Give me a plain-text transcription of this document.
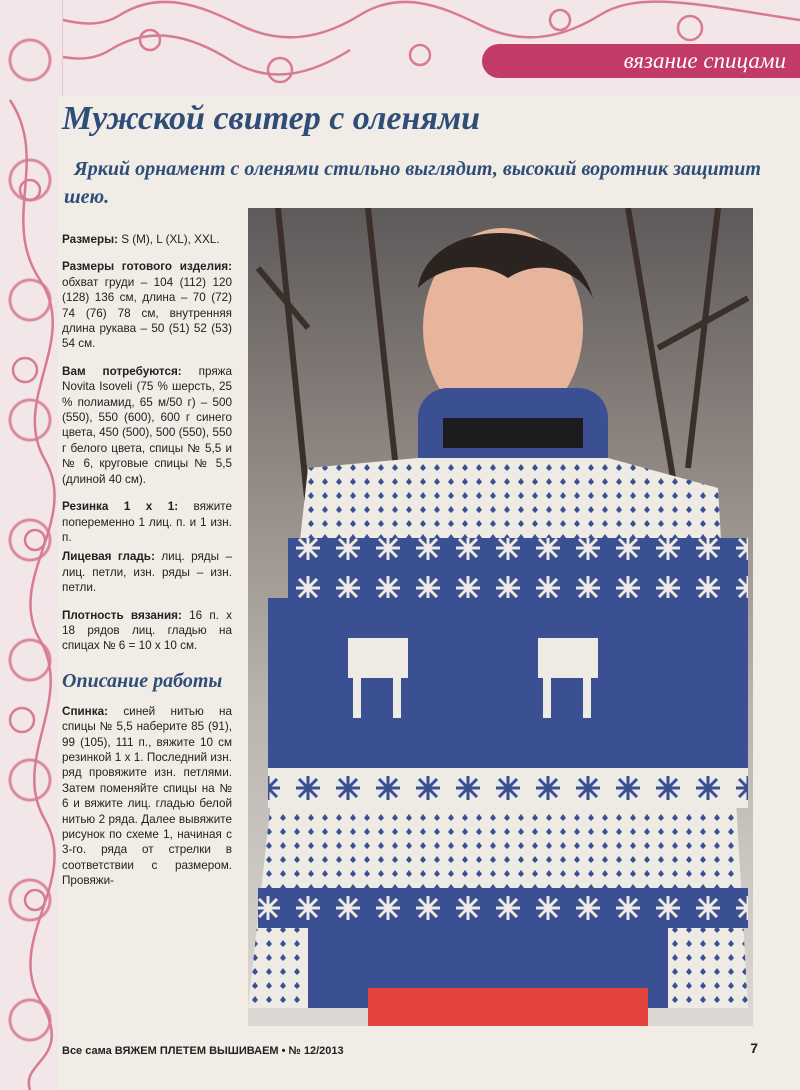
вязание спицами
Мужской свитер с оленями
Яркий орнамент с оленями стильно выглядит, высокий воротник защитит шею.

Размеры: S (M), L (XL), XXL.

Размеры готового изделия: обхват груди – 104 (112) 120 (128) 136 см, длина – 70 (72) 74 (76) 78 см, внутренняя длина рукава – 50 (51) 52 (53) 54 см.

Вам потребуются: пряжа Novita Isoveli (75 % шерсть, 25 % полиамид, 65 м/50 г) – 500 (550), 550 (600), 600 г синего цвета, 450 (500), 500 (550), 550 г белого цвета, спицы № 5,5 и № 6, круговые спицы № 5,5 (длиной 40 см).

Резинка 1 х 1: вяжите попеременно 1 лиц. п. и 1 изн. п.

Лицевая гладь: лиц. ряды – лиц. петли, изн. ряды – изн. петли.

Плотность вязания: 16 п. х 18 рядов лиц. гладью на спицах № 6 = 10 х 10 см.

Описание работы

Спинка: синей нитью на спицы № 5,5 наберите 85 (91), 99 (105), 111 п., вяжите 10 см резинкой 1 х 1. Последний изн. ряд провяжите изн. петлями. Затем поменяйте спицы на № 6 и вяжите лиц. гладью белой нитью 2 ряда. Далее вывяжите рисунок по схеме 1, начиная с 3-го. ряда от стрелки в соответствии с размером. Провяжи-

Все сама ВЯЖЕМ ПЛЕТЕМ ВЫШИВАЕМ • № 12/2013	7
